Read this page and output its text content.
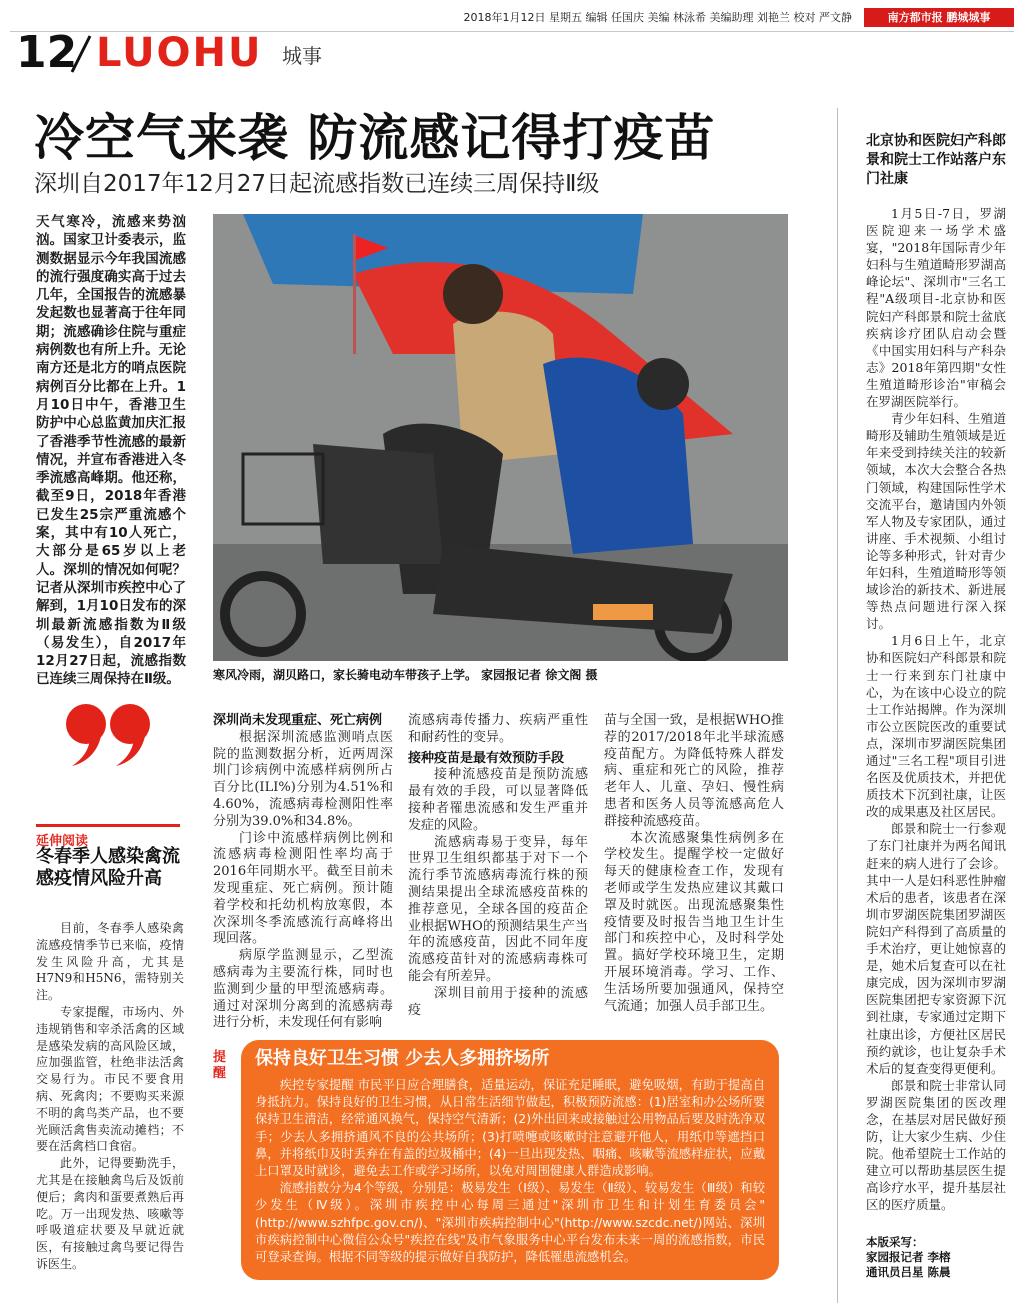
2018年1月12日 星期五 编辑 任国庆 美编 林泳希 美编助理 刘艳兰 校对 严文静	南方都市报 鹏城城事
12 LUOHU 城事
冷空气来袭 防流感记得打疫苗
深圳自2017年12月27日起流感指数已连续三周保持Ⅱ级
天气寒冷，流感来势汹汹。国家卫计委表示，监测数据显示今年我国流感的流行强度确实高于过去几年，全国报告的流感暴发起数也显著高于往年同期；流感确诊住院与重症病例数也有所上升。无论南方还是北方的哨点医院病例百分比都在上升。1月10日中午，香港卫生防护中心总监黄加庆汇报了香港季节性流感的最新情况，并宣布香港进入冬季流感高峰期。他还称，截至9日，2018年香港已发生25宗严重流感个案，其中有10人死亡，大部分是65岁以上老人。深圳的情况如何呢？记者从深圳市疾控中心了解到，1月10日发布的深圳最新流感指数为Ⅱ级（易发生），自2017年12月27日起，流感指数已连续三周保持在Ⅱ级。	寒风冷雨，湖贝路口，家长骑电动车带孩子上学。 家园报记者 徐文阁 摄
延伸阅读
冬春季人感染禽流感疫情风险升高

目前，冬春季人感染禽流感疫情季节已来临，疫情发生风险升高，尤其是H7N9和H5N6，需特别关注。

专家提醒，市场内、外违规销售和宰杀活禽的区域是感染发病的高风险区域，应加强监管，杜绝非法活禽交易行为。市民不要食用病、死禽肉；不要购买来源不明的禽鸟类产品，也不要光顾活禽售卖流动摊档；不要在活禽档口食宿。

此外，记得要勤洗手，尤其是在接触禽鸟后及饭前便后；禽肉和蛋要煮熟后再吃。万一出现发热、咳嗽等呼吸道症状要及早就近就医，有接触过禽鸟要记得告诉医生。

深圳尚未发现重症、死亡病例

根据深圳流感监测哨点医院的监测数据分析，近两周深圳门诊病例中流感样病例所占百分比(ILI%)分别为4.51%和4.60%，流感病毒检测阳性率分别为39.0%和34.8%。

门诊中流感样病例比例和流感病毒检测阳性率均高于2016年同期水平。截至目前未发现重症、死亡病例。预计随着学校和托幼机构放寒假，本次深圳冬季流感流行高峰将出现回落。

病原学监测显示，乙型流感病毒为主要流行株，同时也监测到少量的甲型流感病毒。通过对深圳分离到的流感病毒进行分析，未发现任何有影响

流感病毒传播力、疾病严重性和耐药性的变异。

接种疫苗是最有效预防手段

接种流感疫苗是预防流感最有效的手段，可以显著降低接种者罹患流感和发生严重并发症的风险。

流感病毒易于变异，每年世界卫生组织都基于对下一个流行季节流感病毒流行株的预测结果提出全球流感疫苗株的推荐意见，全球各国的疫苗企业根据WHO的预测结果生产当年的流感疫苗，因此不同年度流感疫苗针对的流感病毒株可能会有所差异。

深圳目前用于接种的流感疫

苗与全国一致，是根据WHO推荐的2017/2018年北半球流感疫苗配方。为降低特殊人群发病、重症和死亡的风险，推荐老年人、儿童、孕妇、慢性病患者和医务人员等流感高危人群接种流感疫苗。

本次流感聚集性病例多在学校发生。提醒学校一定做好每天的健康检查工作，发现有老师或学生发热应建议其戴口罩及时就医。出现流感聚集性疫情要及时报告当地卫生计生部门和疾控中心，及时科学处置。搞好学校环境卫生，定期开展环境消毒。学习、工作、生活场所要加强通风，保持空气流通；加强人员手部卫生。

提醒
保持良好卫生习惯 少去人多拥挤场所

疾控专家提醒 市民平日应合理膳食，适量运动，保证充足睡眠，避免吸烟，有助于提高自身抵抗力。保持良好的卫生习惯，从日常生活细节做起，积极预防流感：(1)居室和办公场所要保持卫生清洁，经常通风换气，保持空气清新；(2)外出回来或接触过公用物品后要及时洗净双手；少去人多拥挤通风不良的公共场所；(3)打喷嚏或咳嗽时注意避开他人，用纸巾等遮挡口鼻，并将纸巾及时丢弃在有盖的垃圾桶中；(4)一旦出现发热、咽痛、咳嗽等流感样症状，应戴上口罩及时就诊，避免去工作或学习场所，以免对周围健康人群造成影响。

流感指数分为4个等级，分别是：极易发生（Ⅰ级）、易发生（Ⅱ级）、较易发生（Ⅲ级）和较少发生（Ⅳ级）。深圳市疾控中心每周三通过"深圳市卫生和计划生育委员会"(http://www.szhfpc.gov.cn/)、"深圳市疾病控制中心"(http://www.szcdc.net/)网站、深圳市疾病控制中心微信公众号"疾控在线"及市气象服务中心平台发布未来一周的流感指数，市民可登录查询。根据不同等级的提示做好自我防护，降低罹患流感机会。

北京协和医院妇产科郎景和院士工作站落户东门社康

1月5日-7日，罗湖医院迎来一场学术盛宴，"2018年国际青少年妇科与生殖道畸形罗湖高峰论坛"、深圳市"三名工程"A级项目-北京协和医院妇产科郎景和院士盆底疾病诊疗团队启动会暨《中国实用妇科与产科杂志》2018年第四期"女性生殖道畸形诊治"审稿会在罗湖医院举行。

青少年妇科、生殖道畸形及辅助生殖领域是近年来受到持续关注的较新领域，本次大会整合各热门领域，构建国际性学术交流平台，邀请国内外领军人物及专家团队，通过讲座、手术视频、小组讨论等多种形式，针对青少年妇科，生殖道畸形等领域诊治的新技术、新进展等热点问题进行深入探讨。

1月6日上午，北京协和医院妇产科郎景和院士一行来到东门社康中心，为在该中心设立的院士工作站揭牌。作为深圳市公立医院医改的重要试点，深圳市罗湖医院集团通过"三名工程"项目引进名医及优质技术，并把优质技术下沉到社康，让医改的成果惠及社区居民。

郎景和院士一行参观了东门社康并为两名闻讯赶来的病人进行了会诊。其中一人是妇科恶性肿瘤术后的患者，该患者在深圳市罗湖医院集团罗湖医院妇产科得到了高质量的手术治疗，更让她惊喜的是，她术后复查可以在社康完成，因为深圳市罗湖医院集团把专家资源下沉到社康，专家通过定期下社康出诊，方便社区居民预约就诊，也让复杂手术术后的复查变得更便利。

郎景和院士非常认同罗湖医院集团的医改理念，在基层对居民做好预防，让大家少生病、少住院。他希望院士工作站的建立可以帮助基层医生提高诊疗水平，提升基层社区的医疗质量。

本版采写：
家园报记者 李榕
通讯员吕星 陈晨
